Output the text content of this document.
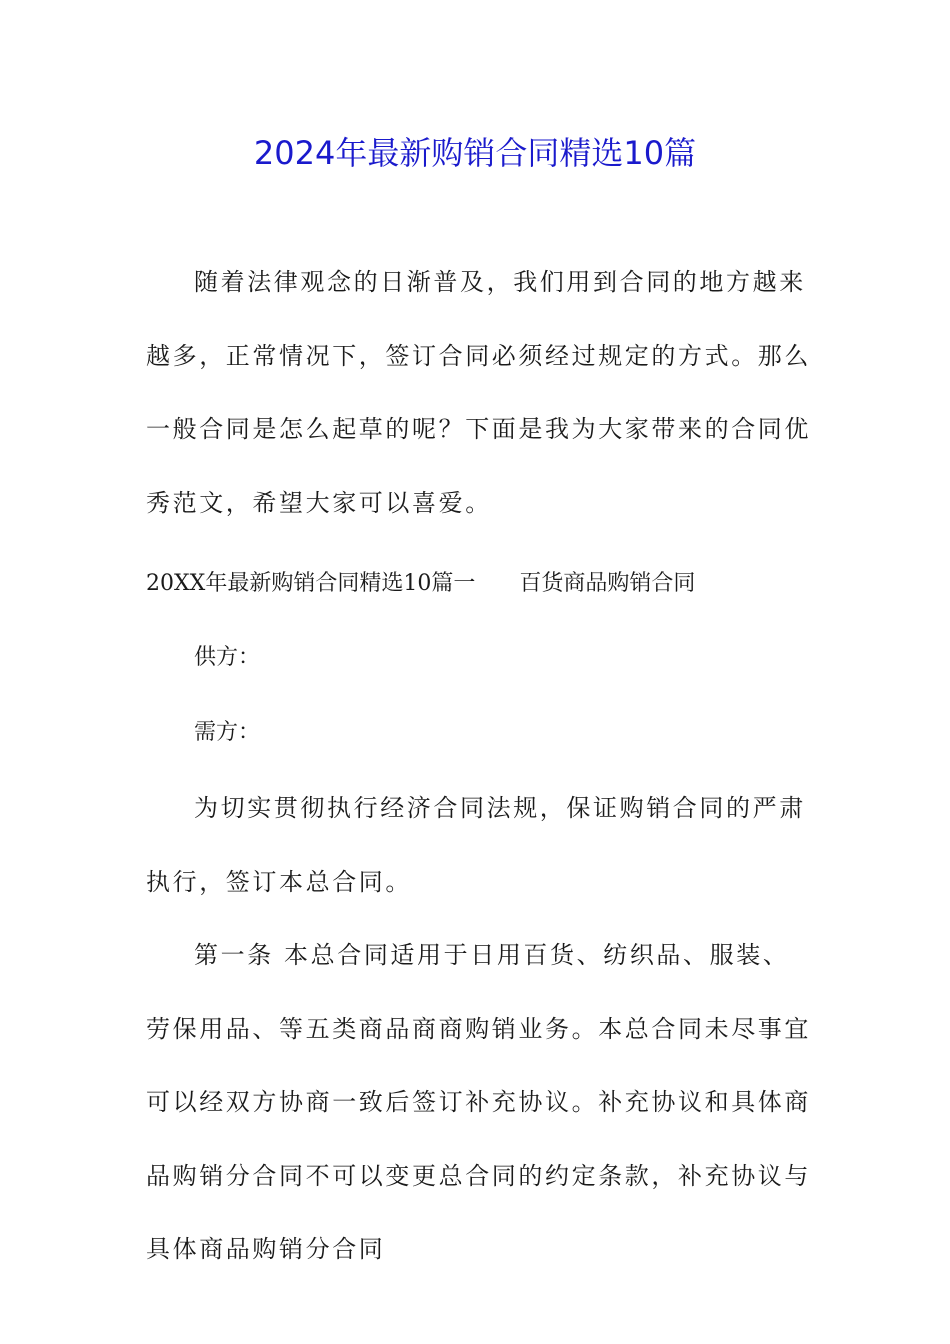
2024年最新购销合同精选10篇
随着法律观念的日渐普及，我们用到合同的地方越来越多，正常情况下，签订合同必须经过规定的方式。那么一般合同是怎么起草的呢？下面是我为大家带来的合同优秀范文，希望大家可以喜爱。
20XX年最新购销合同精选10篇一 百货商品购销合同
供方：
需方：
为切实贯彻执行经济合同法规，保证购销合同的严肃执行，签订本总合同。
第一条 本总合同适用于日用百货、纺织品、服装、劳保用品、等五类商品商商购销业务。本总合同未尽事宜可以经双方协商一致后签订补充协议。补充协议和具体商品购销分合同不可以变更总合同的约定条款，补充协议与具体商品购销分合同
